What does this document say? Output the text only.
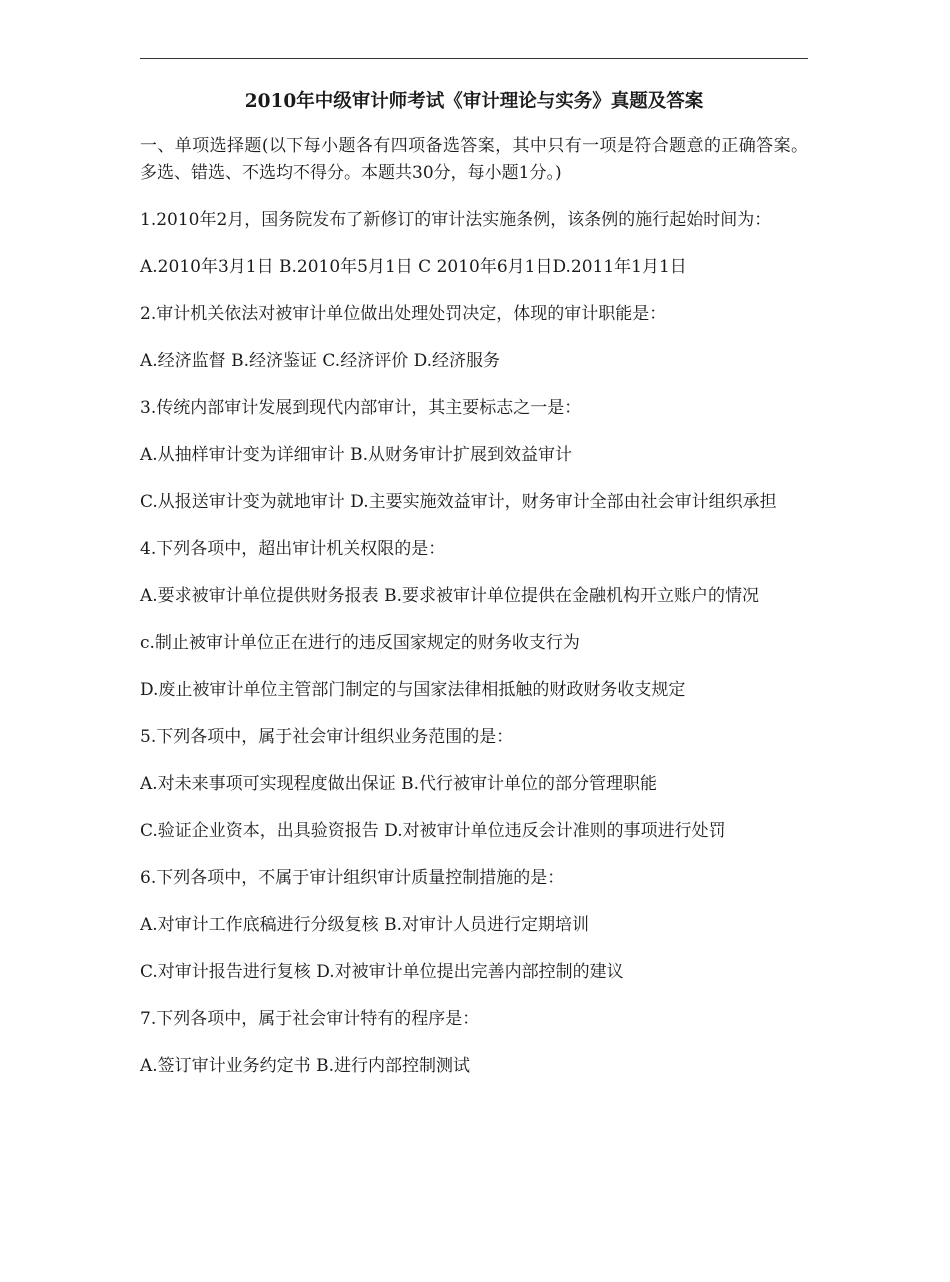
2010年中级审计师考试《审计理论与实务》真题及答案

一、单项选择题(以下每小题各有四项备选答案，其中只有一项是符合题意的正确答案。多选、错选、不选均不得分。本题共30分，每小题1分。)

1.2010年2月，国务院发布了新修订的审计法实施条例，该条例的施行起始时间为：

A.2010年3月1日 B.2010年5月1日 C 2010年6月1日D.2011年1月1日

2.审计机关依法对被审计单位做出处理处罚决定，体现的审计职能是：

A.经济监督 B.经济鉴证 C.经济评价 D.经济服务

3.传统内部审计发展到现代内部审计，其主要标志之一是：

A.从抽样审计变为详细审计 B.从财务审计扩展到效益审计

C.从报送审计变为就地审计 D.主要实施效益审计，财务审计全部由社会审计组织承担

4.下列各项中，超出审计机关权限的是：

A.要求被审计单位提供财务报表 B.要求被审计单位提供在金融机构开立账户的情况

c.制止被审计单位正在进行的违反国家规定的财务收支行为

D.废止被审计单位主管部门制定的与国家法律相抵触的财政财务收支规定

5.下列各项中，属于社会审计组织业务范围的是：

A.对未来事项可实现程度做出保证 B.代行被审计单位的部分管理职能

C.验证企业资本，出具验资报告 D.对被审计单位违反会计准则的事项进行处罚

6.下列各项中，不属于审计组织审计质量控制措施的是：

A.对审计工作底稿进行分级复核 B.对审计人员进行定期培训

C.对审计报告进行复核 D.对被审计单位提出完善内部控制的建议

7.下列各项中，属于社会审计特有的程序是：

A.签订审计业务约定书 B.进行内部控制测试
